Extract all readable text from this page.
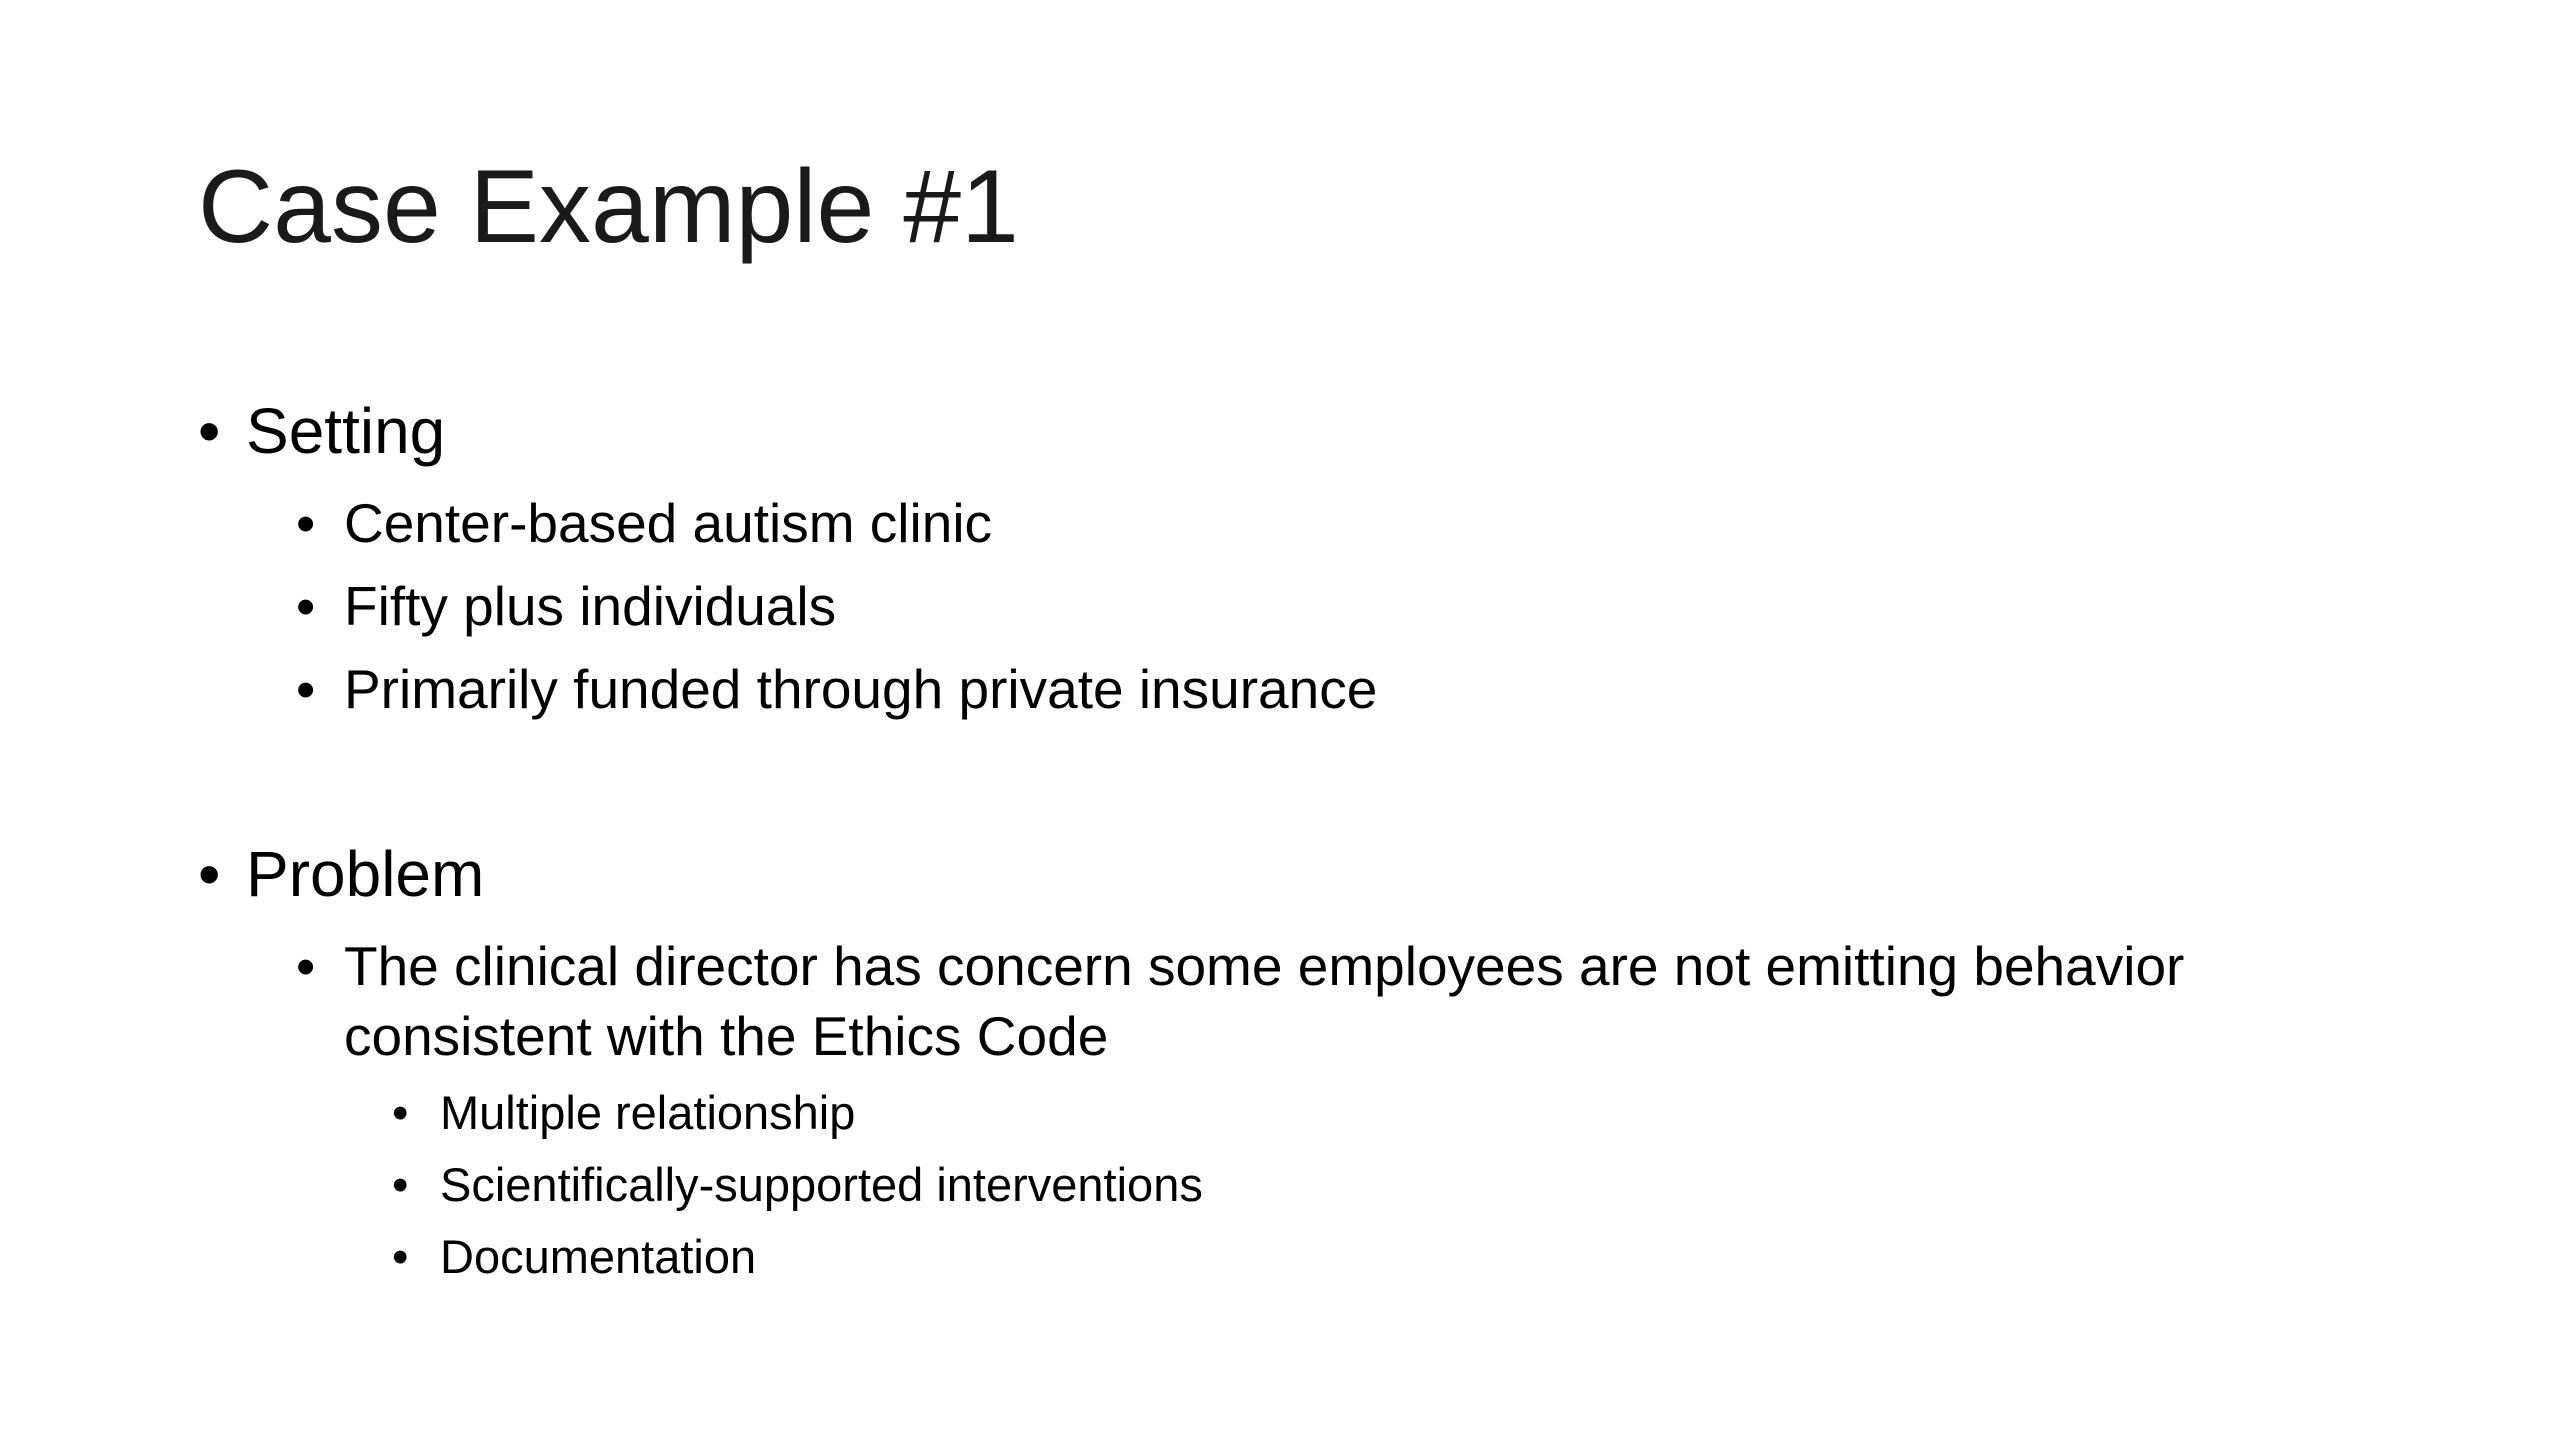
Case Example #1
• Setting
• Center-based autism clinic
• Fifty plus individuals
• Primarily funded through private insurance
• Problem
• The clinical director has concern some employees are not emitting behavior consistent with the Ethics Code
• Multiple relationship
• Scientifically-supported interventions
• Documentation
